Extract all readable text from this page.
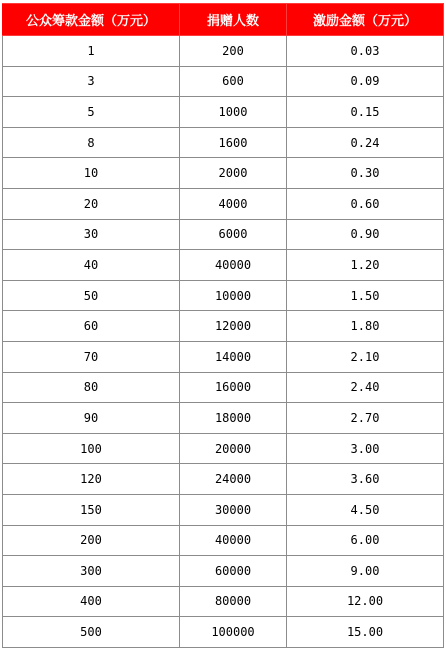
公众筹款金额（万元）	捐赠人数	激励金额（万元）
1	200	0.03
3	600	0.09
5	1000	0.15
8	1600	0.24
10	2000	0.30
20	4000	0.60
30	6000	0.90
40	40000	1.20
50	10000	1.50
60	12000	1.80
70	14000	2.10
80	16000	2.40
90	18000	2.70
100	20000	3.00
120	24000	3.60
150	30000	4.50
200	40000	6.00
300	60000	9.00
400	80000	12.00
500	100000	15.00
